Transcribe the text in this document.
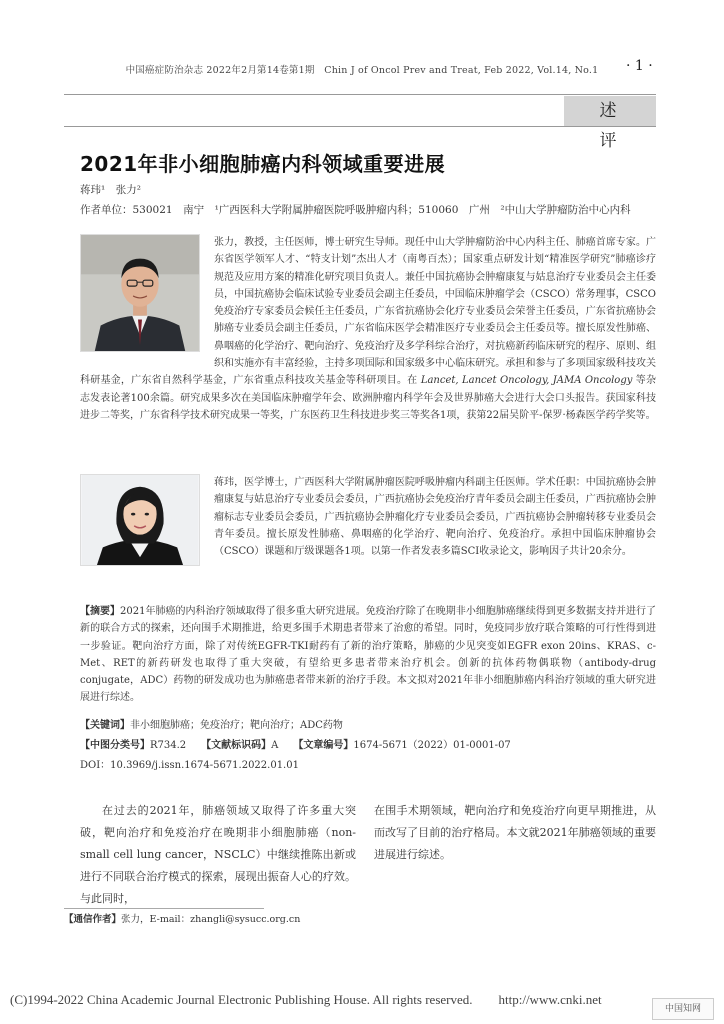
中国癌症防治杂志 2022年2月第14卷第1期　Chin J of Oncol Prev and Treat, Feb 2022, Vol.14, No.1	· 1 ·
述 评
2021年非小细胞肺癌内科领域重要进展
蒋玮¹　张力²
作者单位：530021　南宁　¹广西医科大学附属肿瘤医院呼吸肿瘤内科；510060　广州　²中山大学肿瘤防治中心内科
张力，教授，主任医师，博士研究生导师。现任中山大学肿瘤防治中心内科主任、肺癌首席专家。广东省医学领军人才、“特支计划”杰出人才（南粤百杰）；国家重点研发计划“精准医学研究”肺癌诊疗规范及应用方案的精准化研究项目负责人。兼任中国抗癌协会肿瘤康复与姑息治疗专业委员会主任委员，中国抗癌协会临床试验专业委员会副主任委员，中国临床肿瘤学会（CSCO）常务理事，CSCO免疫治疗专家委员会候任主任委员，广东省抗癌协会化疗专业委员会荣誉主任委员，广东省抗癌协会肺癌专业委员会副主任委员，广东省临床医学会精准医疗专业委员会主任委员等。擅长原发性肺癌、鼻咽癌的化学治疗、靶向治疗、免疫治疗及多学科综合治疗，对抗癌新药临床研究的程序、原则、组织和实施亦有丰富经验，主持多项国际和国家级多中心临床研究。承担和参与了多项国家级科技攻关科研基金，广东省自然科学基金，广东省重点科技攻关基金等科研项目。在 Lancet, Lancet Oncology, JAMA Oncology 等杂志发表论著100余篇。研究成果多次在美国临床肿瘤学年会、欧洲肿瘤内科学年会及世界肺癌大会进行大会口头报告。获国家科技进步二等奖，广东省科学技术研究成果一等奖，广东医药卫生科技进步奖三等奖各1项，获第22届吴阶平-保罗·杨森医学药学奖等。
蒋玮，医学博士，广西医科大学附属肿瘤医院呼吸肿瘤内科副主任医师。学术任职：中国抗癌协会肿瘤康复与姑息治疗专业委员会委员，广西抗癌协会免疫治疗青年委员会副主任委员，广西抗癌协会肿瘤标志专业委员会委员，广西抗癌协会肿瘤化疗专业委员会委员，广西抗癌协会肿瘤转移专业委员会青年委员。擅长原发性肺癌、鼻咽癌的化学治疗、靶向治疗、免疫治疗。承担中国临床肿瘤协会（CSCO）课题和厅级课题各1项。以第一作者发表多篇SCI收录论文，影响因子共计20余分。
【摘要】2021年肺癌的内科治疗领域取得了很多重大研究进展。免疫治疗除了在晚期非小细胞肺癌继续得到更多数据支持并进行了新的联合方式的探索，还向围手术期推进，给更多围手术期患者带来了治愈的希望。同时，免疫同步放疗联合策略的可行性得到进一步验证。靶向治疗方面，除了对传统EGFR-TKI耐药有了新的治疗策略，肺癌的少见突变如EGFR exon 20ins、KRAS、c-Met、RET的新药研发也取得了重大突破，有望给更多患者带来治疗机会。创新的抗体药物偶联物（antibody-drug conjugate，ADC）药物的研发成功也为肺癌患者带来新的治疗手段。本文拟对2021年非小细胞肺癌内科治疗领域的重大研究进展进行综述。
【关键词】非小细胞肺癌；免疫治疗；靶向治疗；ADC药物
【中图分类号】R734.2　　 【文献标识码】A　　 【文章编号】1674-5671（2022）01-0001-07
DOI：10.3969/j.issn.1674-5671.2022.01.01
在过去的2021年，肺癌领域又取得了许多重大突破，靶向治疗和免疫治疗在晚期非小细胞肺癌（non-small cell lung cancer，NSCLC）中继续推陈出新或进行不同联合治疗模式的探索，展现出振奋人心的疗效。与此同时，
在围手术期领域，靶向治疗和免疫治疗向更早期推进，从而改写了目前的治疗格局。本文就2021年肺癌领域的重要进展进行综述。
【通信作者】张力，E-mail：zhangli@sysucc.org.cn
(C)1994-2022 China Academic Journal Electronic Publishing House. All rights reserved.　　http://www.cnki.net
中国知网
